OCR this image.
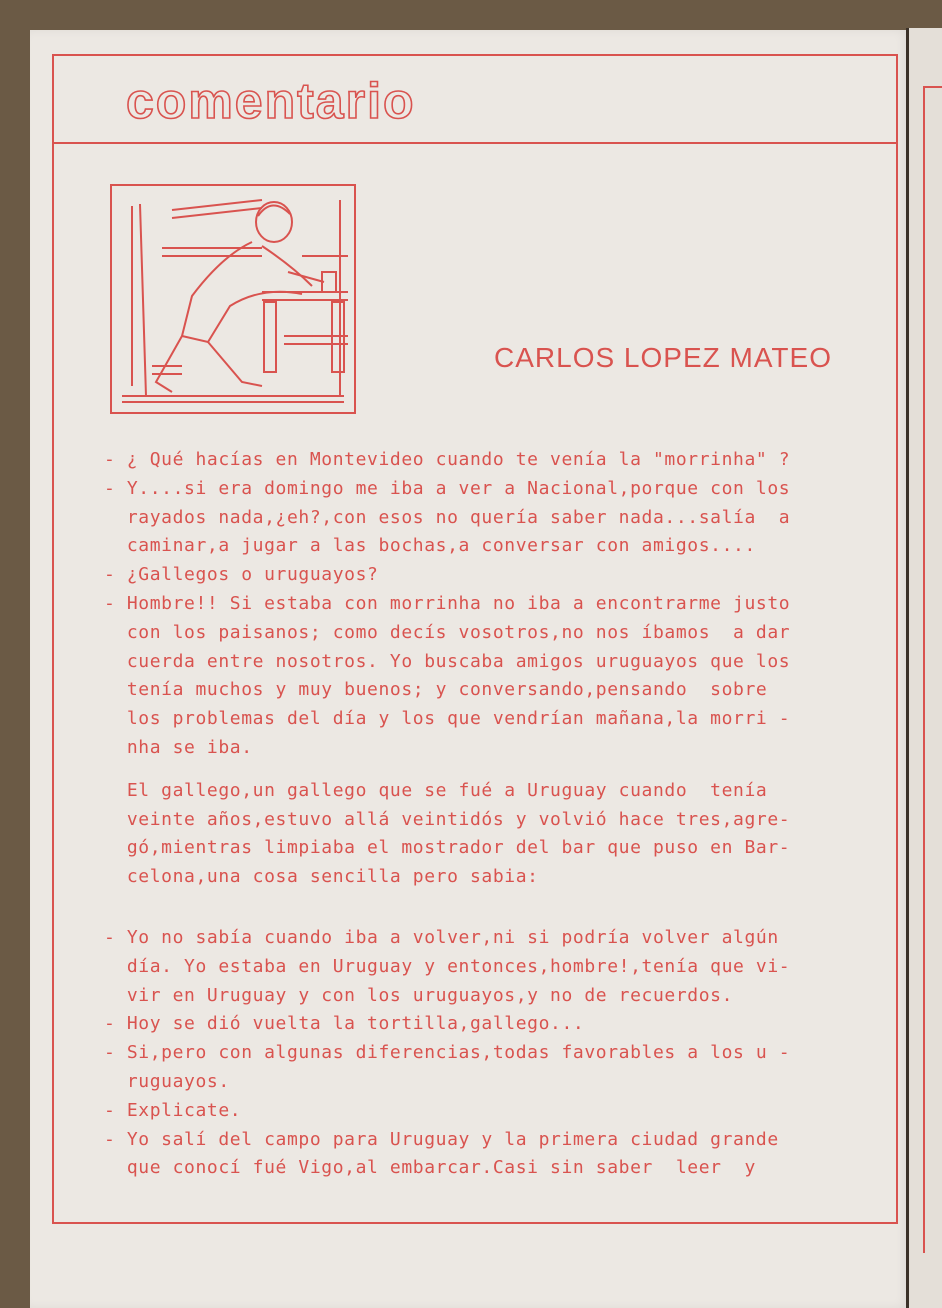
comentario
CARLOS LOPEZ MATEO
- ¿ Qué hacías en Montevideo cuando te venía la "morrinha" ?
- Y....si era domingo me iba a ver a Nacional,porque con los
rayados nada,¿eh?,con esos no quería saber nada...salía  a
caminar,a jugar a las bochas,a conversar con amigos....
- ¿Gallegos o uruguayos?
- Hombre!! Si estaba con morrinha no iba a encontrarme justo
con los paisanos; como decís vosotros,no nos íbamos  a dar
cuerda entre nosotros. Yo buscaba amigos uruguayos que los
tenía muchos y muy buenos; y conversando,pensando  sobre
los problemas del día y los que vendrían mañana,la morri -
nha se iba.
El gallego,un gallego que se fué a Uruguay cuando  tenía
veinte años,estuvo allá veintidós y volvió hace tres,agre-
gó,mientras limpiaba el mostrador del bar que puso en Bar-
celona,una cosa sencilla pero sabia:
- Yo no sabía cuando iba a volver,ni si podría volver algún
día. Yo estaba en Uruguay y entonces,hombre!,tenía que vi-
vir en Uruguay y con los uruguayos,y no de recuerdos.
- Hoy se dió vuelta la tortilla,gallego...
- Si,pero con algunas diferencias,todas favorables a los u -
ruguayos.
- Explicate.
- Yo salí del campo para Uruguay y la primera ciudad grande
que conocí fué Vigo,al embarcar.Casi sin saber  leer  y
